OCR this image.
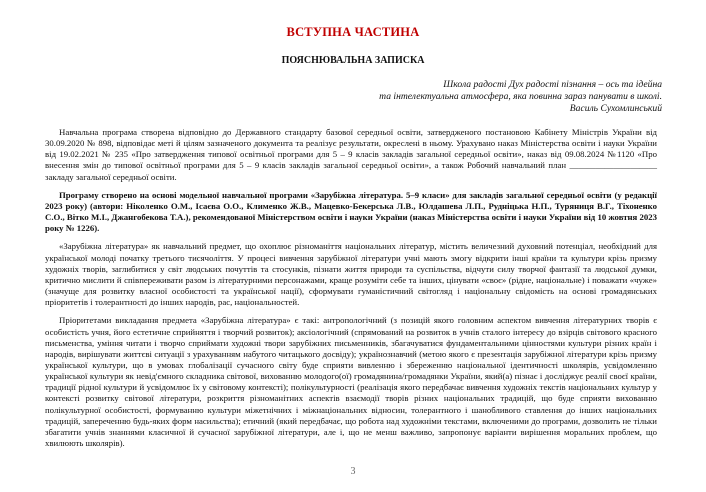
ВСТУПНА ЧАСТИНА
ПОЯСНЮВАЛЬНА ЗАПИСКА
Школа радості Дух радості пізнання – ось та ідейна
та інтелектуальна атмосфера, яка повинна зараз панувати в школі.
Василь Сухомлинський

Навчальна програма створена відповідно до Державного стандарту базової середньої освіти, затвердженого постановою Кабінету Міністрів України від 30.09.2020 № 898, відповідає меті й цілям зазначеного документа та реалізує результати, окреслені в ньому. Урахувано наказ Міністерства освіти і науки України від 19.02.2021 № 235 «Про затвердження типової освітньої програми для 5 – 9 класів закладів загальної середньої освіти», наказ від 09.08.2024 №1120 «Про внесення змін до типової освітньої програми для 5 – 9 класів закладів загальної середньої освіти», а також Робочий навчальний план ____________________ закладу загальної середньої освіти.

Програму створено на основі модельної навчальної програми «Зарубіжна література. 5–9 класи» для закладів загальної середньої освіти (у редакції 2023 року) (автори: Ніколенко О.М., Ісаєва О.О., Клименко Ж.В., Мацевко-Бекерська Л.В., Юлдашева Л.П., Рудніцька Н.П., Туряниця В.Г., Тіхоненко С.О., Вітко М.І., Джангобекова Т.А.), рекомендованої Міністерством освіти і науки України (наказ Міністерства освіти і науки України від 10 жовтня 2023 року № 1226).

«Зарубіжна література» як навчальний предмет, що охоплює різноманіття національних літератур, містить величезний духовний потенціал, необхідний для української молоді початку третього тисячоліття. У процесі вивчення зарубіжної літератури учні мають змогу відкрити інші країни та культури крізь призму художніх творів, заглибитися у світ людських почуттів та стосунків, пізнати життя природи та суспільства, відчути силу творчої фантазії та людської думки, критично мислити й співпереживати разом із літературними персонажами, краще розуміти себе та інших, цінувати «своє» (рідне, національне) і поважати «чуже» (значуще для розвитку власної особистості та української нації), сформувати гуманістичний світогляд і національну свідомість на основі громадянських пріоритетів і толерантності до інших народів, рас, національностей.

Пріоритетами викладання предмета «Зарубіжна література» є такі: антропологічний (з позицій якого головним аспектом вивчення літературних творів є особистість учня, його естетичне сприйняття і творчий розвиток); аксіологічний (спрямований на розвиток в учнів сталого інтересу до взірців світового красного письменства, уміння читати і творчо сприймати художні твори зарубіжних письменників, збагачуватися фундаментальними цінностями культури різних країн і народів, вирішувати життєві ситуації з урахуванням набутого читацького досвіду); українознавчий (метою якого є презентація зарубіжної літератури крізь призму української культури, що в умовах глобалізації сучасного світу буде сприяти вивленню і збереженню національної ідентичності школярів, усвідомленню української культури як невід'ємного складника світової, вихованню молодого(ої) громадянина/громадянки України, який(а) пізнає і досліджує реалії своєї країни, традиції рідної культури й усвідомлює їх у світовому контексті); полікультурності (реалізація якого передбачає вивчення художніх текстів національних культур у контексті розвитку світової літератури, розкриття різноманітних аспектів взаємодії творів різних національних традицій, що буде сприяти вихованню полікультурної особистості, формуванню культури міжетнічних і міжнаціональних відносин, толерантного і шанобливого ставлення до інших національних традицій, запереченню будь-яких форм насильства); етичний (який передбачає, що робота над художніми текстами, включеними до програми, дозволить не тільки збагатити учнів знаннями класичної й сучасної зарубіжної літератури, але і, що не менш важливо, запропонує варіанти вирішення моральних проблем, що хвилюють школярів).

3
